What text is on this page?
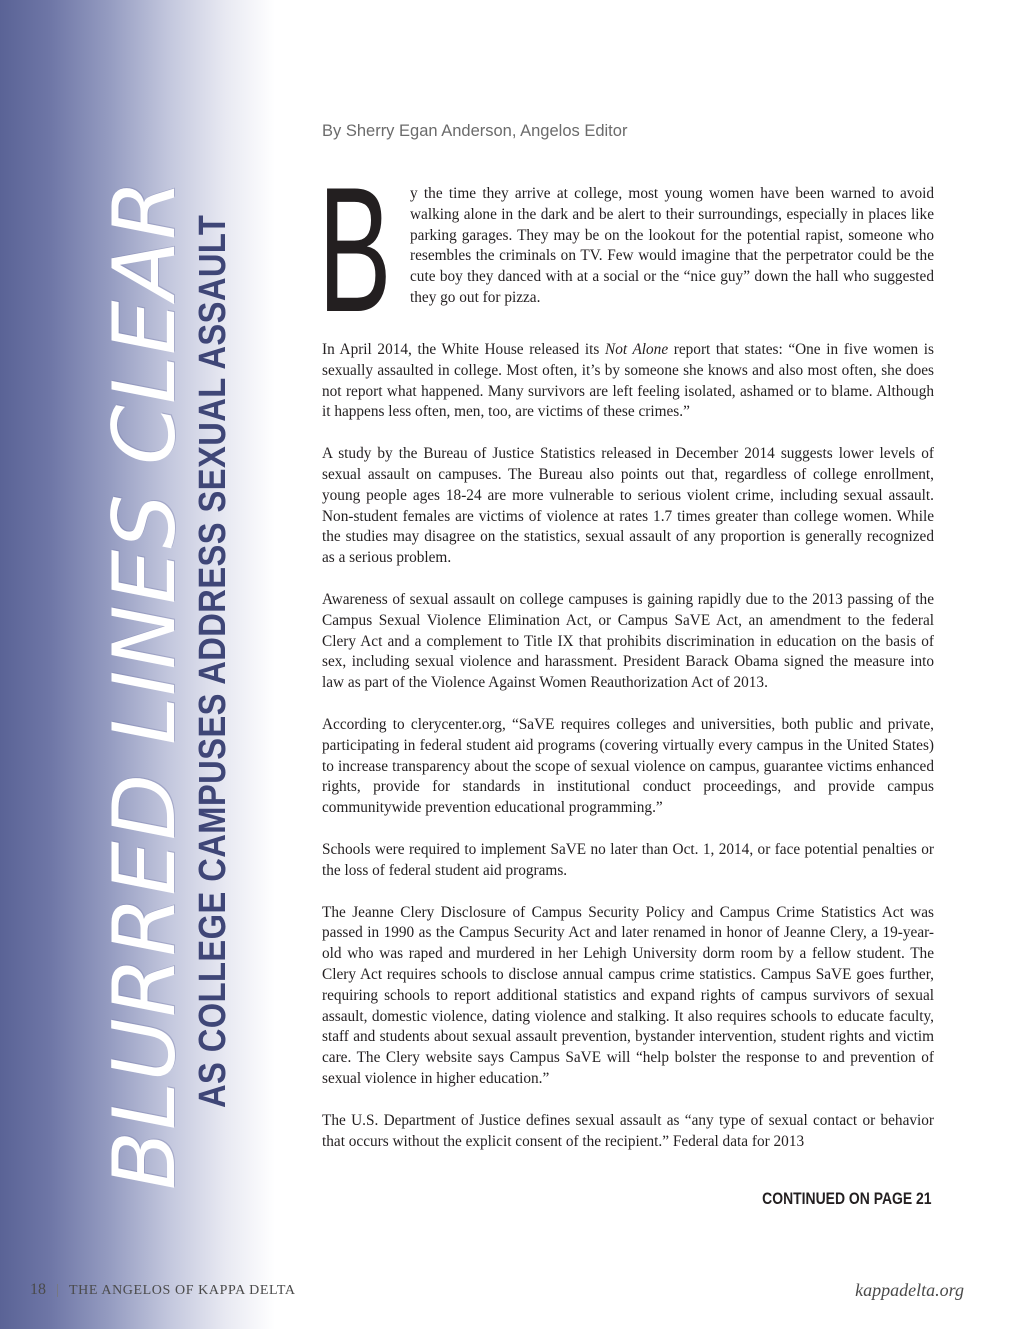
BLURRED LINES CLEAR
AS COLLEGE CAMPUSES ADDRESS SEXUAL ASSAULT
By Sherry Egan Anderson, Angelos Editor

B y the time they arrive at college, most young women have been warned to avoid walking alone in the dark and be alert to their surroundings, especially in places like parking garages. They may be on the lookout for the potential rapist, someone who resembles the criminals on TV. Few would imagine that the perpetrator could be the cute boy they danced with at a social or the “nice guy” down the hall who suggested they go out for pizza.

In April 2014, the White House released its Not Alone report that states: “One in five women is sexually assaulted in college. Most often, it’s by someone she knows and also most often, she does not report what happened. Many survivors are left feeling isolated, ashamed or to blame. Although it happens less often, men, too, are victims of these crimes.”

A study by the Bureau of Justice Statistics released in December 2014 suggests lower levels of sexual assault on campuses. The Bureau also points out that, regardless of college enrollment, young people ages 18-24 are more vulnerable to serious violent crime, including sexual assault. Non-student females are victims of violence at rates 1.7 times greater than college women. While the studies may disagree on the statistics, sexual assault of any proportion is generally recognized as a serious problem.

Awareness of sexual assault on college campuses is gaining rapidly due to the 2013 passing of the Campus Sexual Violence Elimination Act, or Campus SaVE Act, an amendment to the federal Clery Act and a complement to Title IX that prohibits discrimination in education on the basis of sex, including sexual violence and harassment. President Barack Obama signed the measure into law as part of the Violence Against Women Reauthorization Act of 2013.

According to clerycenter.org, “SaVE requires colleges and universities, both public and private, participating in federal student aid programs (covering virtually every campus in the United States) to increase transparency about the scope of sexual violence on campus, guarantee victims enhanced rights, provide for standards in institutional conduct proceedings, and provide campus communitywide prevention educational programming.”

Schools were required to implement SaVE no later than Oct. 1, 2014, or face potential penalties or the loss of federal student aid programs.

The Jeanne Clery Disclosure of Campus Security Policy and Campus Crime Statistics Act was passed in 1990 as the Campus Security Act and later renamed in honor of Jeanne Clery, a 19-year-old who was raped and murdered in her Lehigh University dorm room by a fellow student. The Clery Act requires schools to disclose annual campus crime statistics. Campus SaVE goes further, requiring schools to report additional statistics and expand rights of campus survivors of sexual assault, domestic violence, dating violence and stalking. It also requires schools to educate faculty, staff and students about sexual assault prevention, bystander intervention, student rights and victim care. The Clery website says Campus SaVE will “help bolster the response to and prevention of sexual violence in higher education.”

The U.S. Department of Justice defines sexual assault as “any type of sexual contact or behavior that occurs without the explicit consent of the recipient.” Federal data for 2013

CONTINUED ON PAGE 21
18 | THE ANGELOS OF KAPPA DELTA	kappadelta.org
